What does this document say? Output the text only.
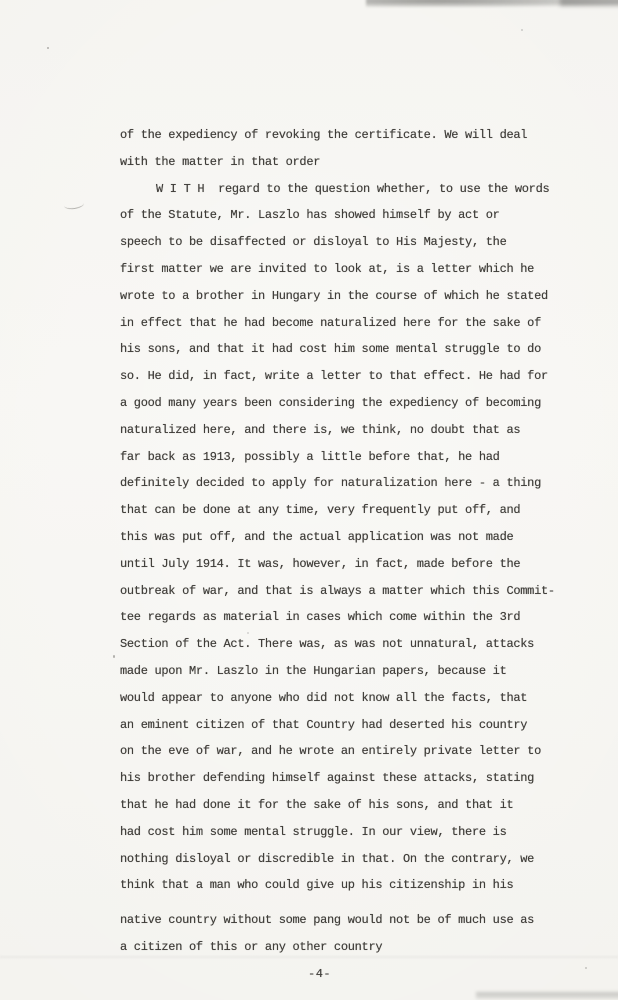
of the expediency of revoking the certificate. We will deal
with the matter in that order
W I T H  regard to the question whether, to use the words
of the Statute, Mr. Laszlo has showed himself by act or
speech to be disaffected or disloyal to His Majesty, the
first matter we are invited to look at, is a letter which he
wrote to a brother in Hungary in the course of which he stated
in effect that he had become naturalized here for the sake of
his sons, and that it had cost him some mental struggle to do
so. He did, in fact, write a letter to that effect. He had for
a good many years been considering the expediency of becoming
naturalized here, and there is, we think, no doubt that as
far back as 1913, possibly a little before that, he had
definitely decided to apply for naturalization here - a thing
that can be done at any time, very frequently put off, and
this was put off, and the actual application was not made
until July 1914. It was, however, in fact, made before the
outbreak of war, and that is always a matter which this Commit-
tee regards as material in cases which come within the 3rd
Section of the Act. There was, as was not unnatural, attacks
made upon Mr. Laszlo in the Hungarian papers, because it
would appear to anyone who did not know all the facts, that
an eminent citizen of that Country had deserted his country
on the eve of war, and he wrote an entirely private letter to
his brother defending himself against these attacks, stating
that he had done it for the sake of his sons, and that it
had cost him some mental struggle. In our view, there is
nothing disloyal or discredible in that. On the contrary, we
think that a man who could give up his citizenship in his
native country without some pang would not be of much use as
a citizen of this or any other country
-4-
